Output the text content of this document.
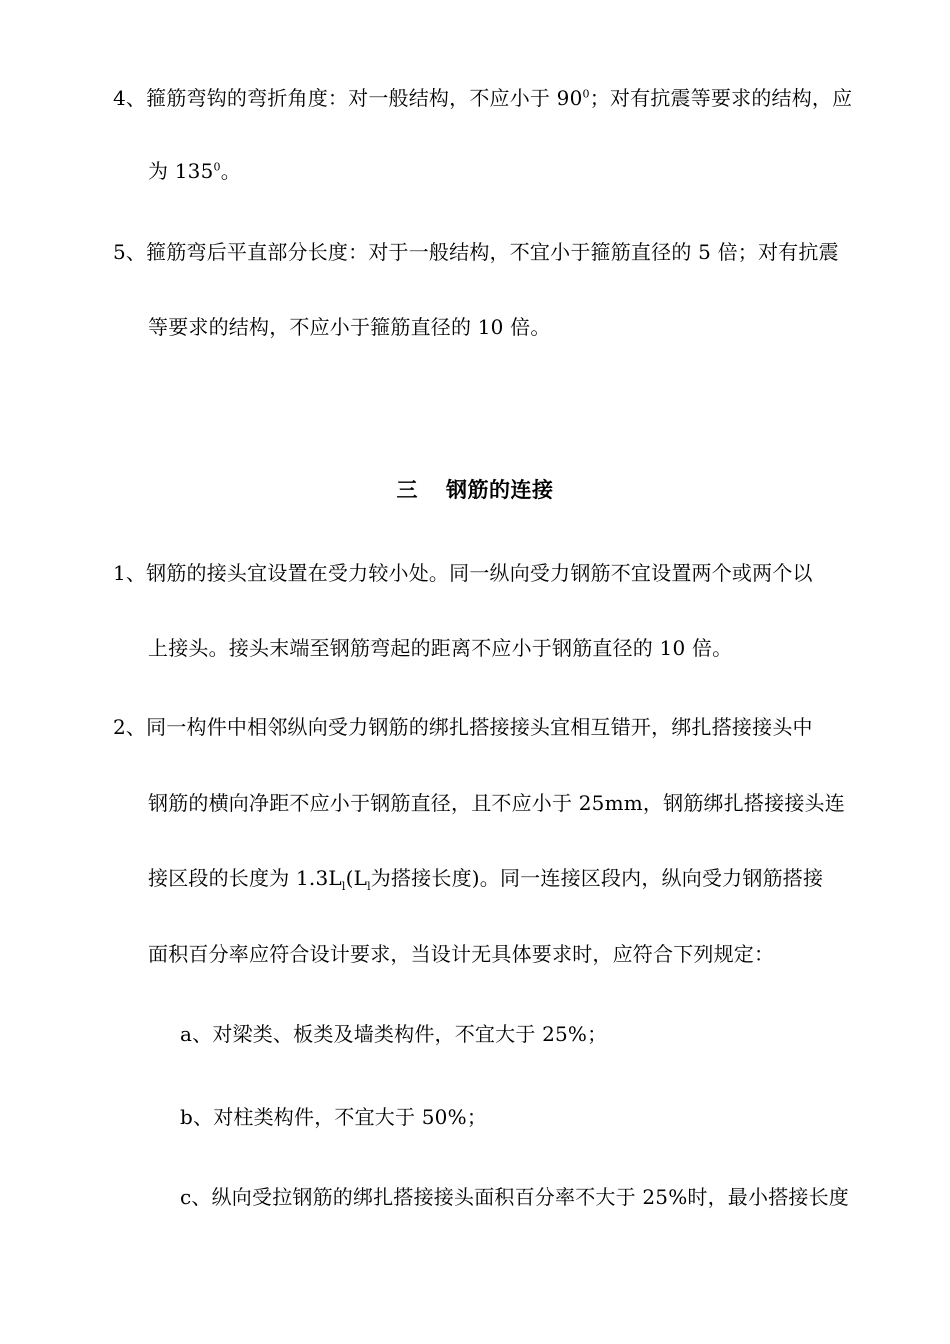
4、箍筋弯钩的弯折角度：对一般结构，不应小于 $90^0$；对有抗震等要求的结构，应
为 $135^0$。
5、箍筋弯后平直部分长度：对于一般结构，不宜小于箍筋直径的 5 倍；对有抗震
等要求的结构，不应小于箍筋直径的 10 倍。
三 钢筋的连接
1、钢筋的接头宜设置在受力较小处。同一纵向受力钢筋不宜设置两个或两个以
上接头。接头末端至钢筋弯起的距离不应小于钢筋直径的 10 倍。
2、同一构件中相邻纵向受力钢筋的绑扎搭接接头宜相互错开，绑扎搭接接头中
钢筋的横向净距不应小于钢筋直径，且不应小于 25mm，钢筋绑扎搭接接头连
接区段的长度为 $1.3L_l(L_l$为搭接长度)。同一连接区段内，纵向受力钢筋搭接
面积百分率应符合设计要求，当设计无具体要求时，应符合下列规定：
a、对梁类、板类及墙类构件，不宜大于 25%；
b、对柱类构件，不宜大于 50%；
c、纵向受拉钢筋的绑扎搭接接头面积百分率不大于 25%时，最小搭接长度
